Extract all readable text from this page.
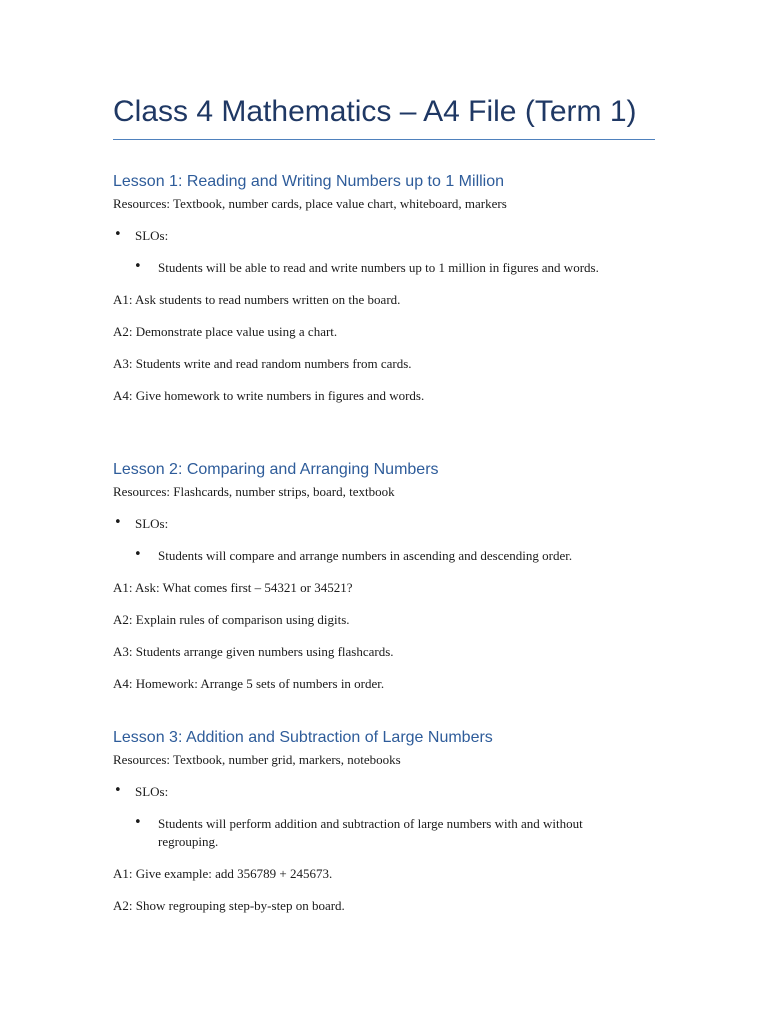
Class 4 Mathematics – A4 File (Term 1)
Lesson 1: Reading and Writing Numbers up to 1 Million
Resources: Textbook, number cards, place value chart, whiteboard, markers
• SLOs:
• Students will be able to read and write numbers up to 1 million in figures and words.
A1: Ask students to read numbers written on the board.
A2: Demonstrate place value using a chart.
A3: Students write and read random numbers from cards.
A4: Give homework to write numbers in figures and words.
Lesson 2: Comparing and Arranging Numbers
Resources: Flashcards, number strips, board, textbook
• SLOs:
• Students will compare and arrange numbers in ascending and descending order.
A1: Ask: What comes first – 54321 or 34521?
A2: Explain rules of comparison using digits.
A3: Students arrange given numbers using flashcards.
A4: Homework: Arrange 5 sets of numbers in order.
Lesson 3: Addition and Subtraction of Large Numbers
Resources: Textbook, number grid, markers, notebooks
• SLOs:
• Students will perform addition and subtraction of large numbers with and without regrouping.
A1: Give example: add 356789 + 245673.
A2: Show regrouping step-by-step on board.
